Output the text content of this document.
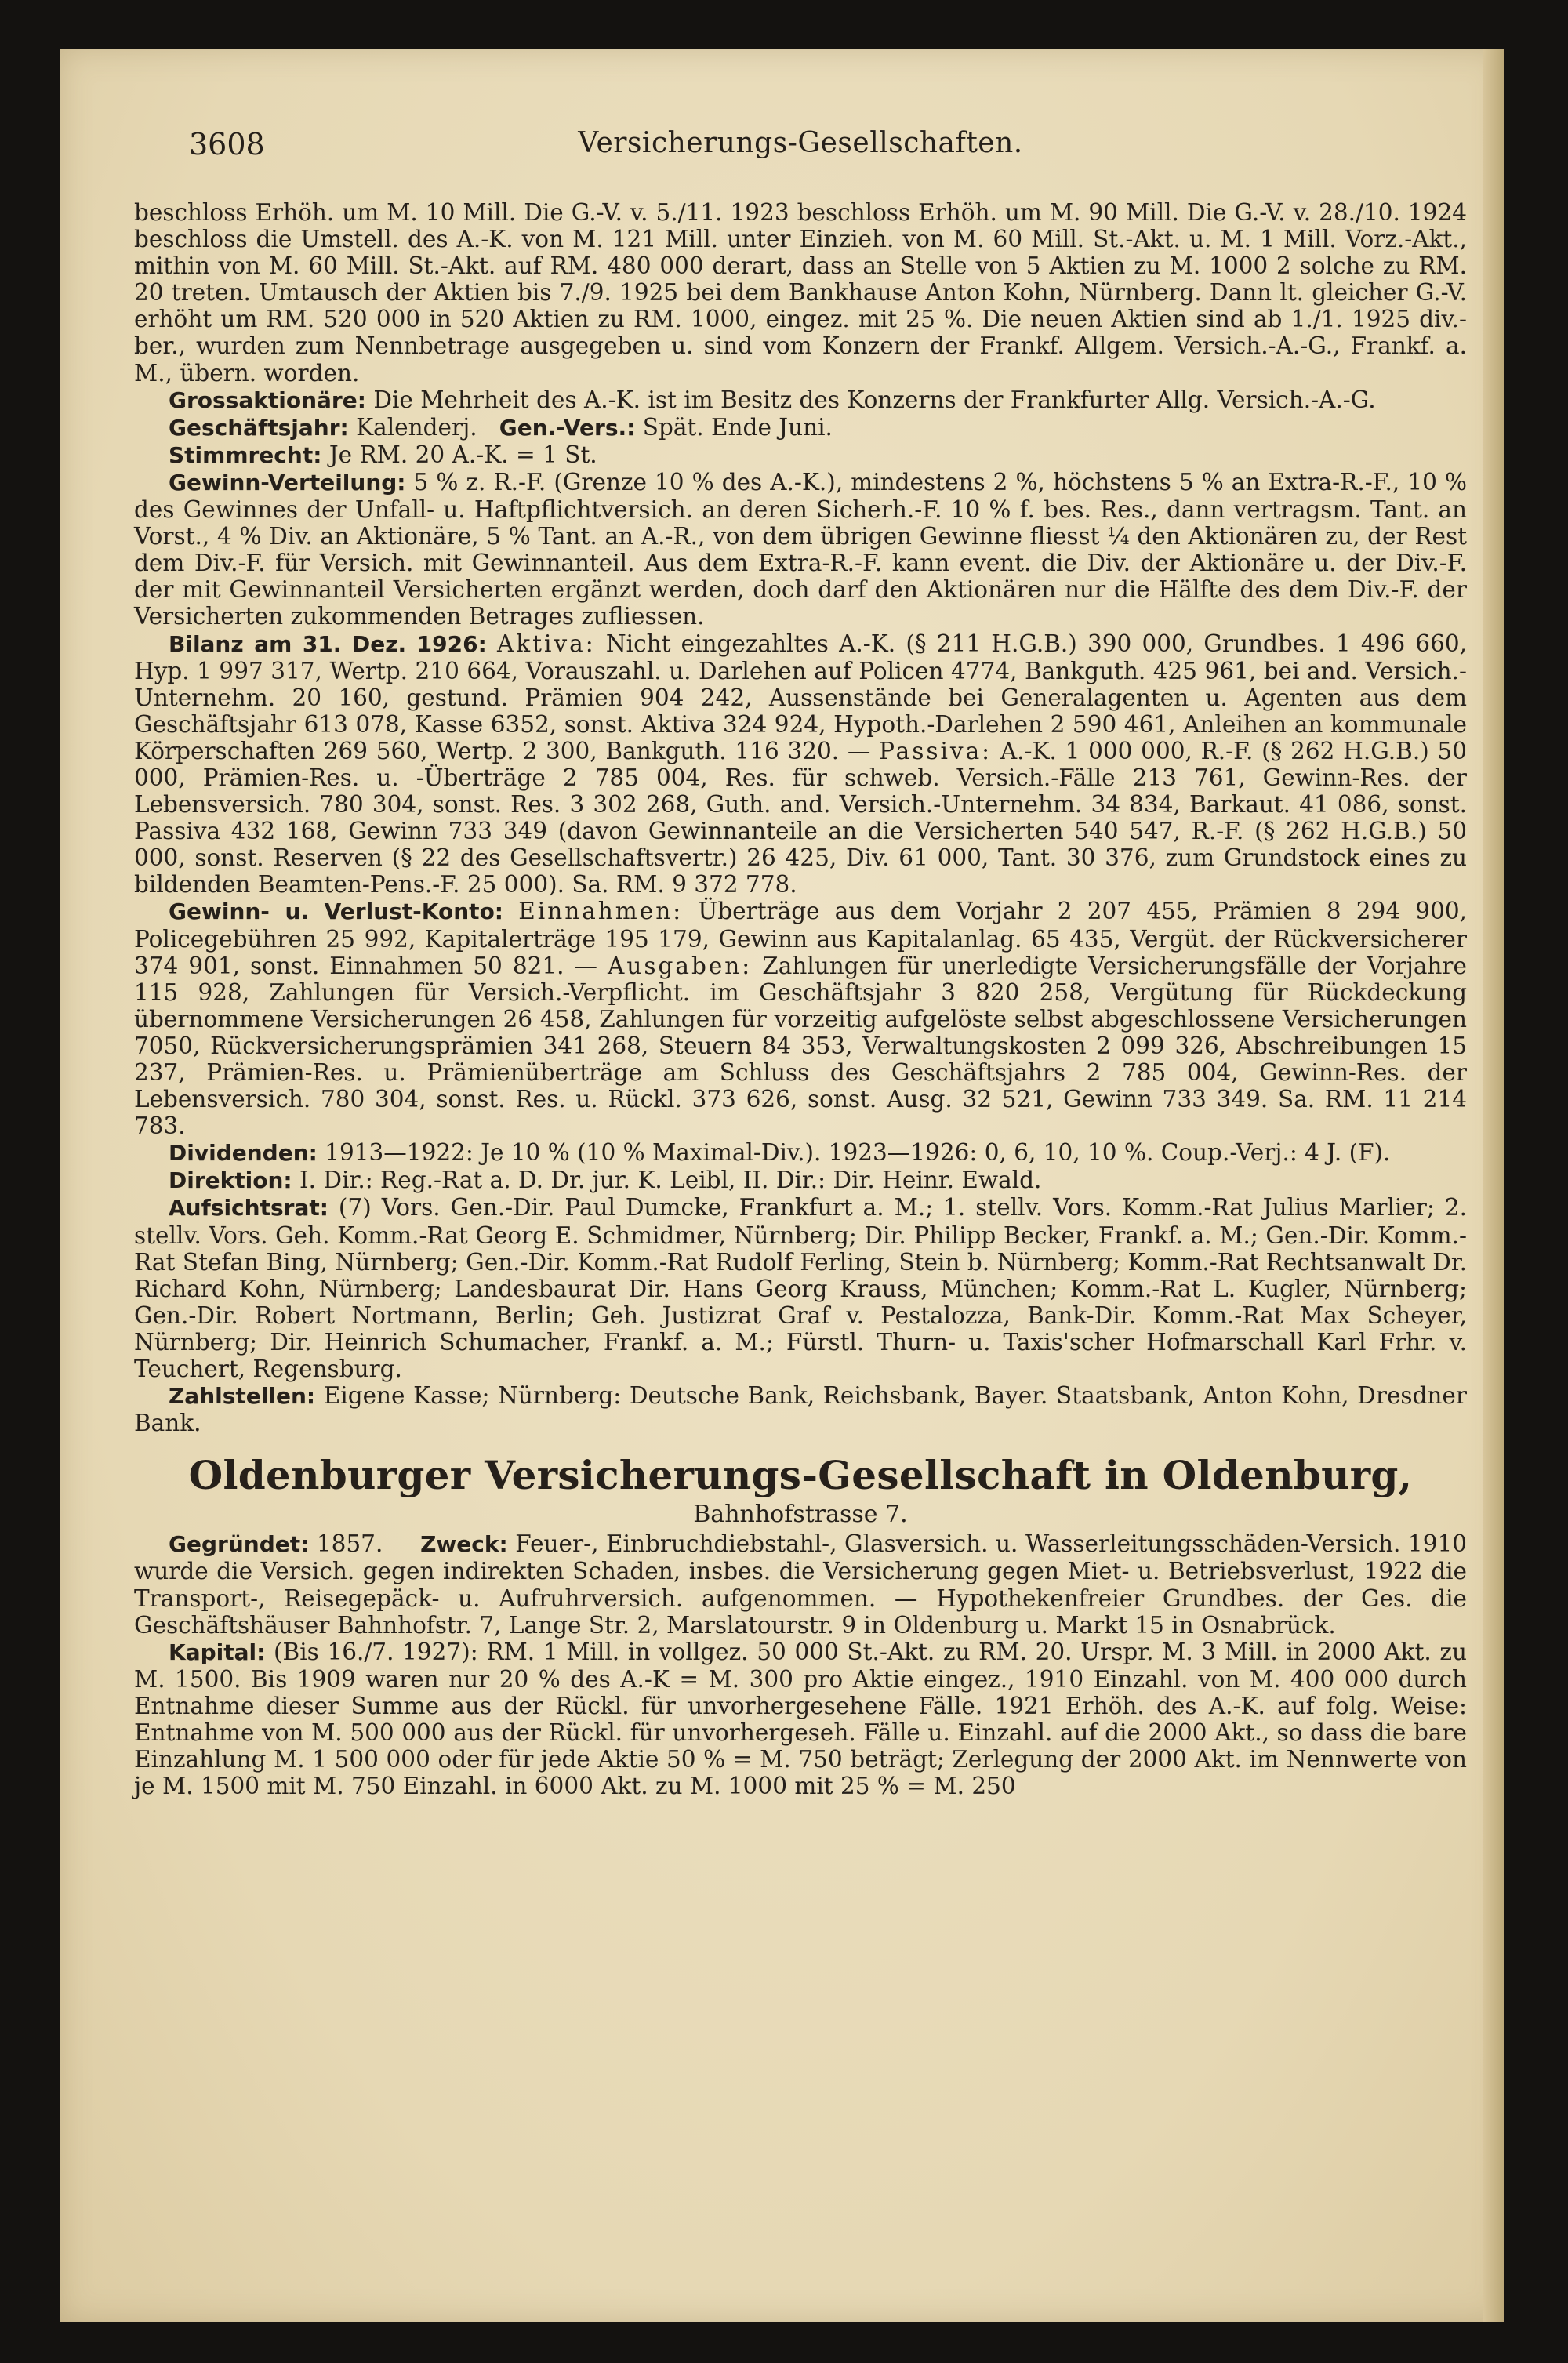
3608	Versicherungs-Gesellschaften.

beschloss Erhöh. um M. 10 Mill. Die G.-V. v. 5./11. 1923 beschloss Erhöh. um M. 90 Mill. Die G.-V. v. 28./10. 1924 beschloss die Umstell. des A.-K. von M. 121 Mill. unter Einzieh. von M. 60 Mill. St.-Akt. u. M. 1 Mill. Vorz.-Akt., mithin von M. 60 Mill. St.-Akt. auf RM. 480 000 derart, dass an Stelle von 5 Aktien zu M. 1000 2 solche zu RM. 20 treten. Umtausch der Aktien bis 7./9. 1925 bei dem Bankhause Anton Kohn, Nürnberg. Dann lt. gleicher G.-V. erhöht um RM. 520 000 in 520 Aktien zu RM. 1000, eingez. mit 25 %. Die neuen Aktien sind ab 1./1. 1925 div.-ber., wurden zum Nennbetrage ausgegeben u. sind vom Konzern der Frankf. Allgem. Versich.-A.-G., Frankf. a. M., übern. worden.

Grossaktionäre: Die Mehrheit des A.-K. ist im Besitz des Konzerns der Frankfurter Allg. Versich.-A.-G.

Geschäftsjahr: Kalenderj. Gen.-Vers.: Spät. Ende Juni.

Stimmrecht: Je RM. 20 A.-K. = 1 St.

Gewinn-Verteilung: 5 % z. R.-F. (Grenze 10 % des A.-K.), mindestens 2 %, höchstens 5 % an Extra-R.-F., 10 % des Gewinnes der Unfall- u. Haftpflichtversich. an deren Sicherh.-F. 10 % f. bes. Res., dann vertragsm. Tant. an Vorst., 4 % Div. an Aktionäre, 5 % Tant. an A.-R., von dem übrigen Gewinne fliesst ¼ den Aktionären zu, der Rest dem Div.-F. für Versich. mit Gewinnanteil. Aus dem Extra-R.-F. kann event. die Div. der Aktionäre u. der Div.-F. der mit Gewinnanteil Versicherten ergänzt werden, doch darf den Aktionären nur die Hälfte des dem Div.-F. der Versicherten zukommenden Betrages zufliessen.

Bilanz am 31. Dez. 1926: Aktiva: Nicht eingezahltes A.-K. (§ 211 H.G.B.) 390 000, Grundbes. 1 496 660, Hyp. 1 997 317, Wertp. 210 664, Vorauszahl. u. Darlehen auf Policen 4774, Bankguth. 425 961, bei and. Versich.-Unternehm. 20 160, gestund. Prämien 904 242, Aussenstände bei Generalagenten u. Agenten aus dem Geschäftsjahr 613 078, Kasse 6352, sonst. Aktiva 324 924, Hypoth.-Darlehen 2 590 461, Anleihen an kommunale Körperschaften 269 560, Wertp. 2 300, Bankguth. 116 320. — Passiva: A.-K. 1 000 000, R.-F. (§ 262 H.G.B.) 50 000, Prämien-Res. u. -Überträge 2 785 004, Res. für schweb. Versich.-Fälle 213 761, Gewinn-Res. der Lebensversich. 780 304, sonst. Res. 3 302 268, Guth. and. Versich.-Unternehm. 34 834, Barkaut. 41 086, sonst. Passiva 432 168, Gewinn 733 349 (davon Gewinnanteile an die Versicherten 540 547, R.-F. (§ 262 H.G.B.) 50 000, sonst. Reserven (§ 22 des Gesellschaftsvertr.) 26 425, Div. 61 000, Tant. 30 376, zum Grundstock eines zu bildenden Beamten-Pens.-F. 25 000). Sa. RM. 9 372 778.

Gewinn- u. Verlust-Konto: Einnahmen: Überträge aus dem Vorjahr 2 207 455, Prämien 8 294 900, Policegebühren 25 992, Kapitalerträge 195 179, Gewinn aus Kapitalanlag. 65 435, Vergüt. der Rückversicherer 374 901, sonst. Einnahmen 50 821. — Ausgaben: Zahlungen für unerledigte Versicherungsfälle der Vorjahre 115 928, Zahlungen für Versich.-Verpflicht. im Geschäftsjahr 3 820 258, Vergütung für Rückdeckung übernommene Versicherungen 26 458, Zahlungen für vorzeitig aufgelöste selbst abgeschlossene Versicherungen 7050, Rückversicherungsprämien 341 268, Steuern 84 353, Verwaltungskosten 2 099 326, Abschreibungen 15 237, Prämien-Res. u. Prämienüberträge am Schluss des Geschäftsjahrs 2 785 004, Gewinn-Res. der Lebensversich. 780 304, sonst. Res. u. Rückl. 373 626, sonst. Ausg. 32 521, Gewinn 733 349. Sa. RM. 11 214 783.

Dividenden: 1913—1922: Je 10 % (10 % Maximal-Div.). 1923—1926: 0, 6, 10, 10 %. Coup.-Verj.: 4 J. (F).

Direktion: I. Dir.: Reg.-Rat a. D. Dr. jur. K. Leibl, II. Dir.: Dir. Heinr. Ewald.

Aufsichtsrat: (7) Vors. Gen.-Dir. Paul Dumcke, Frankfurt a. M.; 1. stellv. Vors. Komm.-Rat Julius Marlier; 2. stellv. Vors. Geh. Komm.-Rat Georg E. Schmidmer, Nürnberg; Dir. Philipp Becker, Frankf. a. M.; Gen.-Dir. Komm.-Rat Stefan Bing, Nürnberg; Gen.-Dir. Komm.-Rat Rudolf Ferling, Stein b. Nürnberg; Komm.-Rat Rechtsanwalt Dr. Richard Kohn, Nürnberg; Landesbaurat Dir. Hans Georg Krauss, München; Komm.-Rat L. Kugler, Nürnberg; Gen.-Dir. Robert Nortmann, Berlin; Geh. Justizrat Graf v. Pestalozza, Bank-Dir. Komm.-Rat Max Scheyer, Nürnberg; Dir. Heinrich Schumacher, Frankf. a. M.; Fürstl. Thurn- u. Taxis'scher Hofmarschall Karl Frhr. v. Teuchert, Regensburg.

Zahlstellen: Eigene Kasse; Nürnberg: Deutsche Bank, Reichsbank, Bayer. Staatsbank, Anton Kohn, Dresdner Bank.

Oldenburger Versicherungs-Gesellschaft in Oldenburg,
Bahnhofstrasse 7.

Gegründet: 1857. Zweck: Feuer-, Einbruchdiebstahl-, Glasversich. u. Wasserleitungsschäden-Versich. 1910 wurde die Versich. gegen indirekten Schaden, insbes. die Versicherung gegen Miet- u. Betriebsverlust, 1922 die Transport-, Reisegepäck- u. Aufruhrversich. aufgenommen. — Hypothekenfreier Grundbes. der Ges. die Geschäftshäuser Bahnhofstr. 7, Lange Str. 2, Marslatourstr. 9 in Oldenburg u. Markt 15 in Osnabrück.

Kapital: (Bis 16./7. 1927): RM. 1 Mill. in vollgez. 50 000 St.-Akt. zu RM. 20. Urspr. M. 3 Mill. in 2000 Akt. zu M. 1500. Bis 1909 waren nur 20 % des A.-K = M. 300 pro Aktie eingez., 1910 Einzahl. von M. 400 000 durch Entnahme dieser Summe aus der Rückl. für unvorhergesehene Fälle. 1921 Erhöh. des A.-K. auf folg. Weise: Entnahme von M. 500 000 aus der Rückl. für unvorhergeseh. Fälle u. Einzahl. auf die 2000 Akt., so dass die bare Einzahlung M. 1 500 000 oder für jede Aktie 50 % = M. 750 beträgt; Zerlegung der 2000 Akt. im Nennwerte von je M. 1500 mit M. 750 Einzahl. in 6000 Akt. zu M. 1000 mit 25 % = M. 250
